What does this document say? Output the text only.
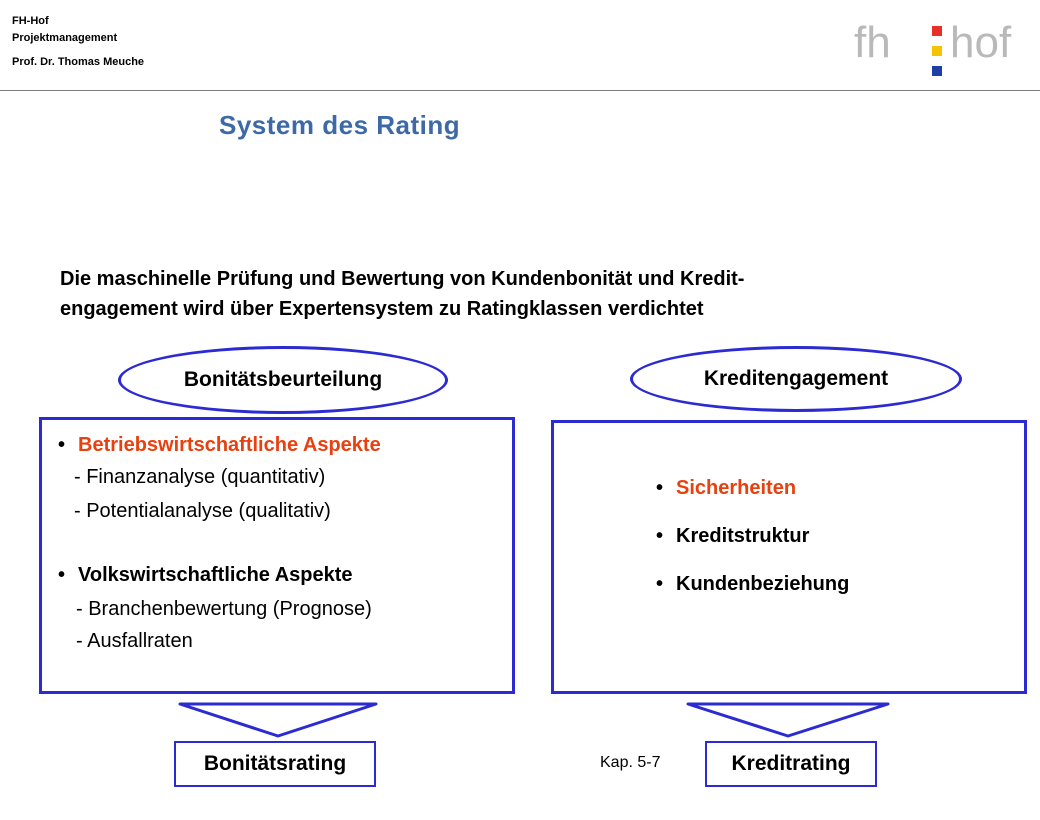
FH-Hof
Projektmanagement
Prof. Dr. Thomas Meuche	fh hof
System des Rating
Die maschinelle Prüfung und Bewertung von Kundenbonität und Kredit-
engagement wird über Expertensystem zu Ratingklassen verdichtet
Bonitätsbeurteilung
• Betriebswirtschaftliche Aspekte
- Finanzanalyse (quantitativ)
- Potentialanalyse (qualitativ)
• Volkswirtschaftliche Aspekte
- Branchenbewertung (Prognose)
- Ausfallraten
Kreditengagement
• Sicherheiten
• Kreditstruktur
• Kundenbeziehung
Bonitätsrating	Kreditrating
Kap. 5-7
